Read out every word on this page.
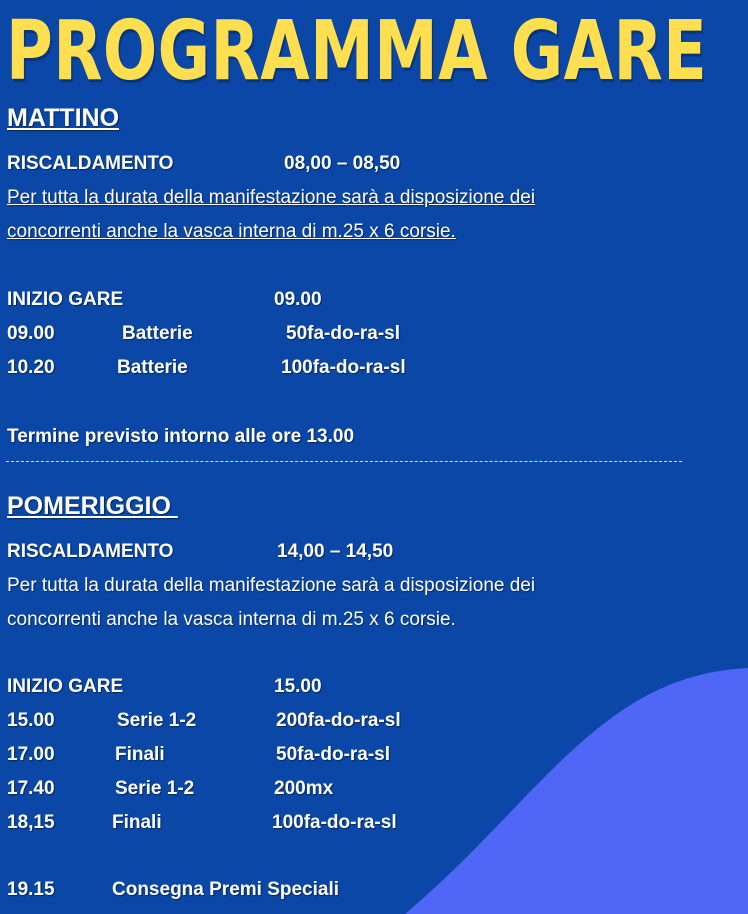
PROGRAMMA GARE
MATTINO
RISCALDAMENTO	08,00 – 08,50
Per tutta la durata della manifestazione sarà a disposizione dei
concorrenti anche la vasca interna di m.25 x 6 corsie.
INIZIO GARE	09.00
09.00	Batterie	50fa-do-ra-sl
10.20	Batterie	100fa-do-ra-sl
Termine previsto intorno alle ore 13.00
POMERIGGIO
RISCALDAMENTO	14,00 – 14,50
Per tutta la durata della manifestazione sarà a disposizione dei
concorrenti anche la vasca interna di m.25 x 6 corsie.
INIZIO GARE	15.00
15.00	Serie 1-2	200fa-do-ra-sl
17.00	Finali	50fa-do-ra-sl
17.40	Serie 1-2	200mx
18,15	Finali	100fa-do-ra-sl
19.15	Consegna Premi Speciali
